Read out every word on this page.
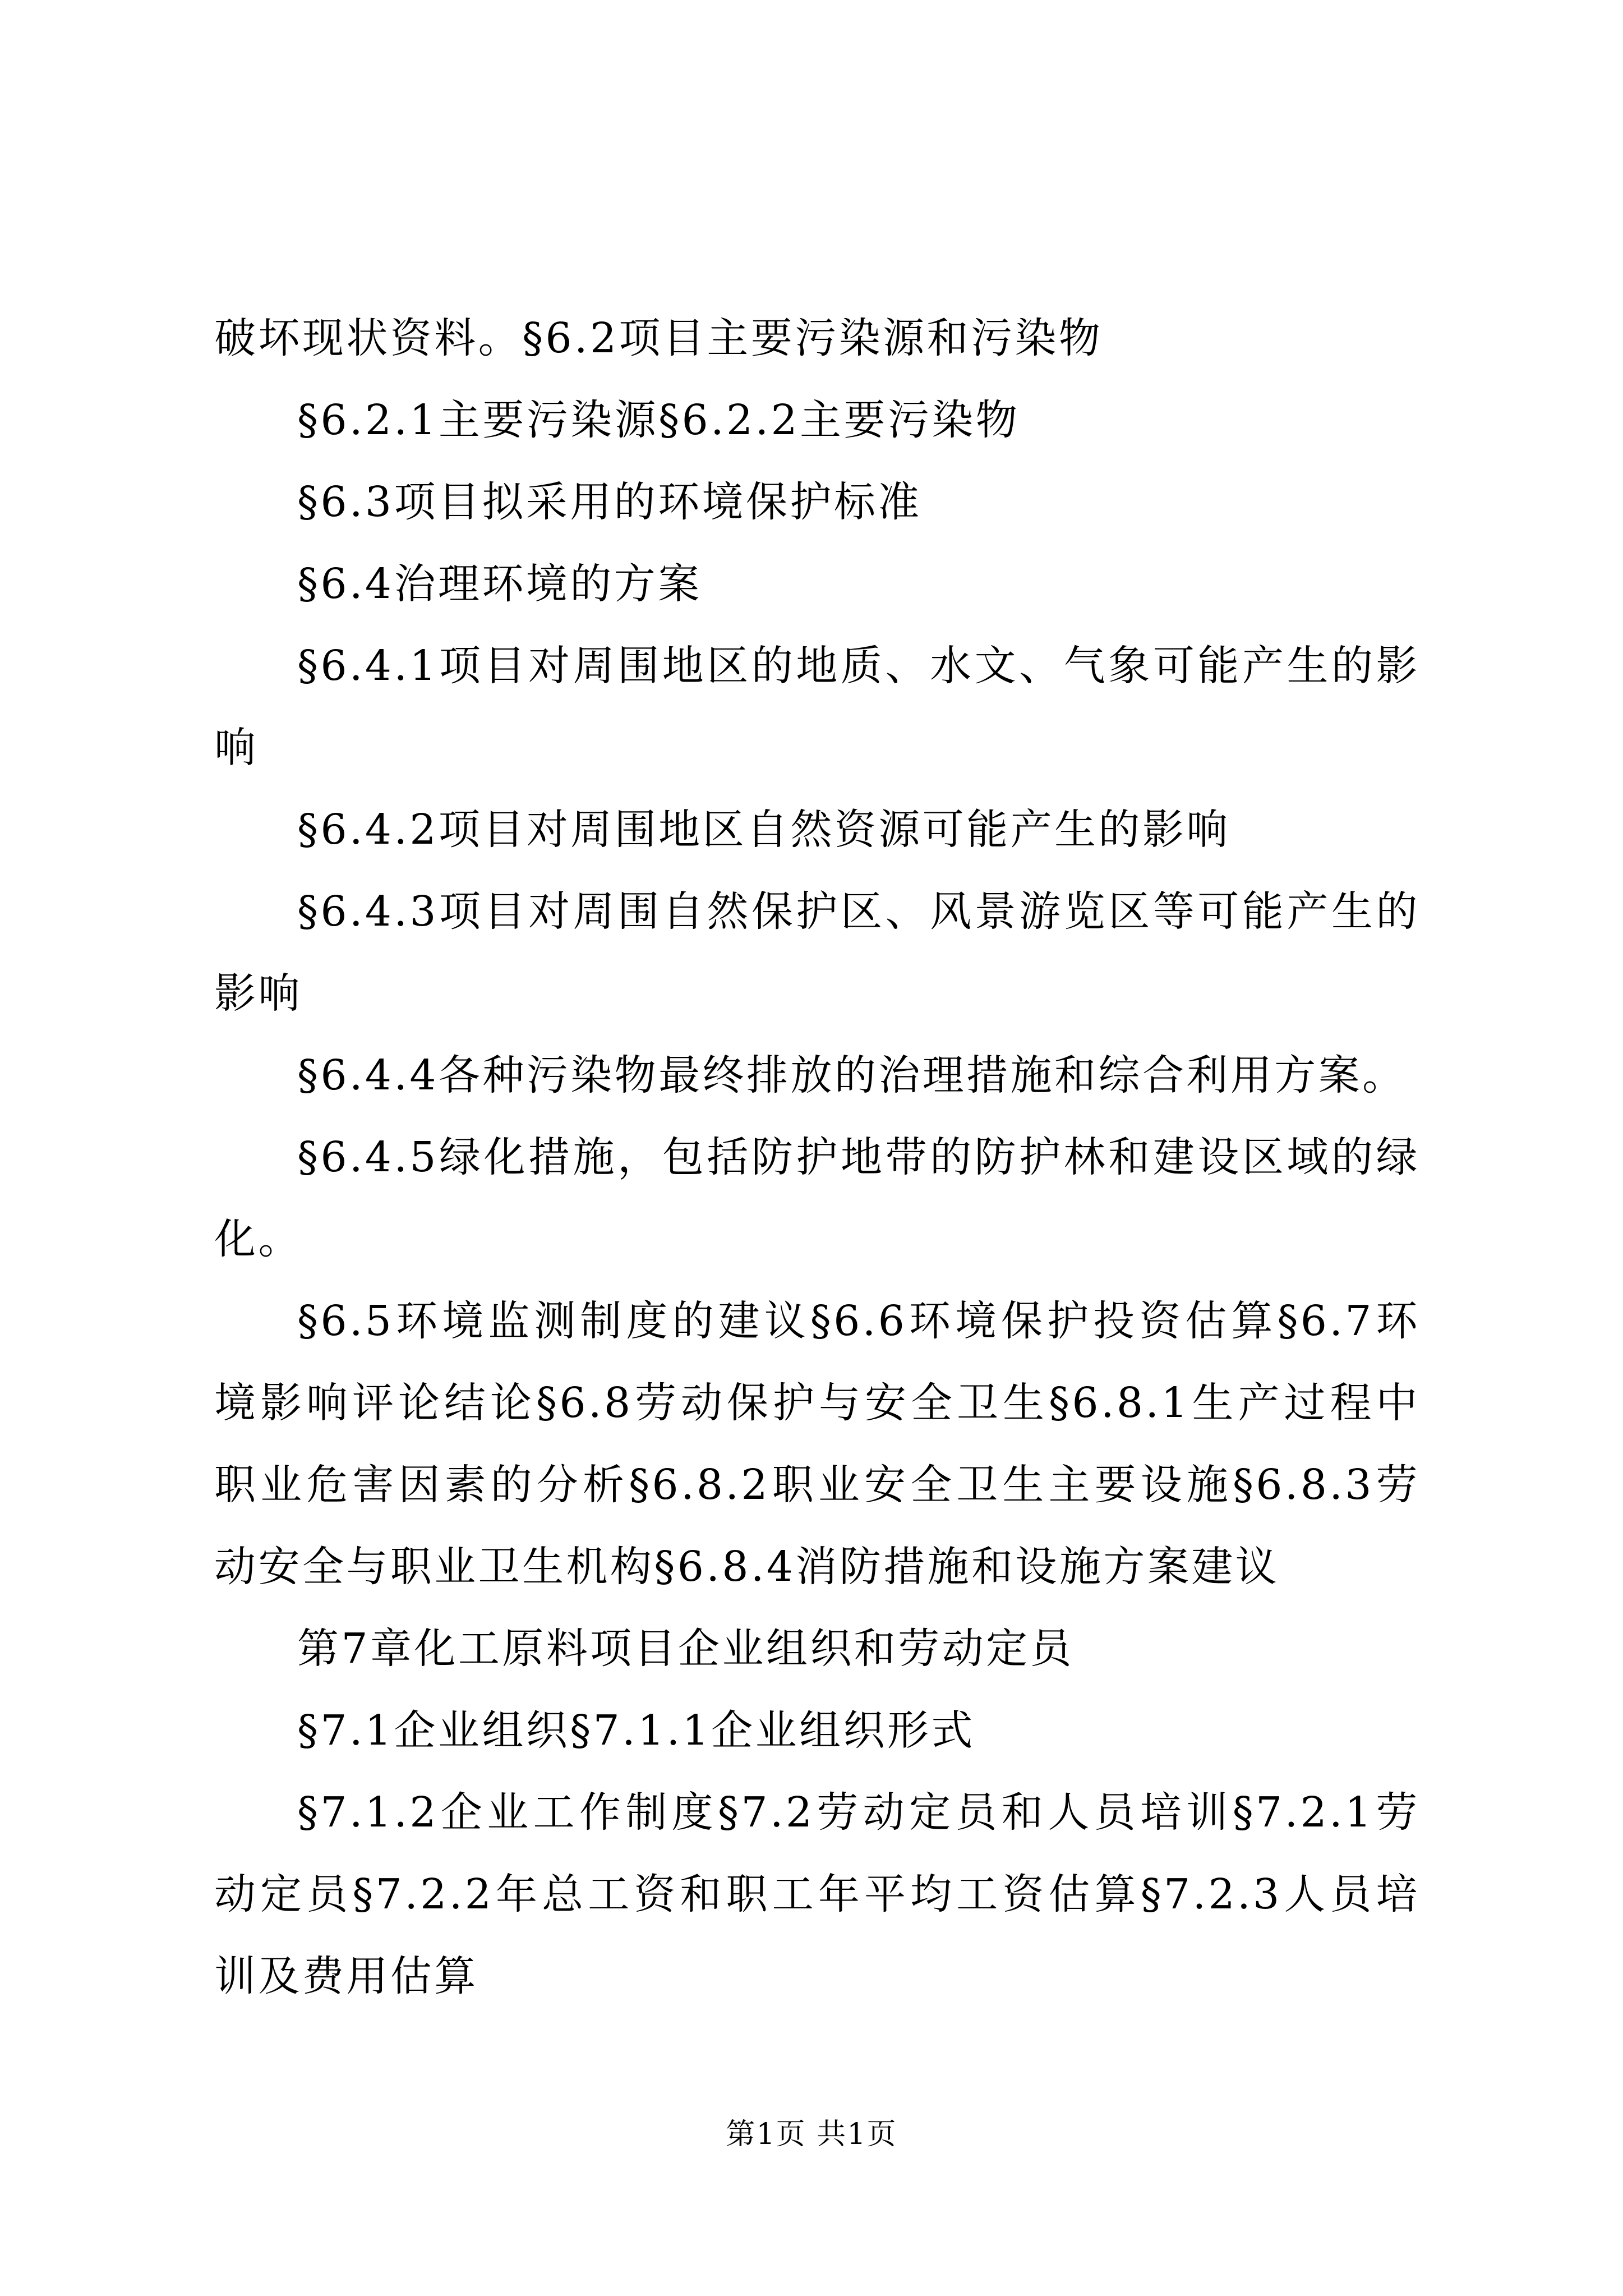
破坏现状资料。§6.2项目主要污染源和污染物

§6.2.1主要污染源§6.2.2主要污染物

§6.3项目拟采用的环境保护标准

§6.4治理环境的方案

§6.4.1项目对周围地区的地质、水文、气象可能产生的影响

§6.4.2项目对周围地区自然资源可能产生的影响

§6.4.3项目对周围自然保护区、风景游览区等可能产生的影响

§6.4.4各种污染物最终排放的治理措施和综合利用方案。

§6.4.5绿化措施，包括防护地带的防护林和建设区域的绿化。

§6.5环境监测制度的建议§6.6环境保护投资估算§6.7环境影响评论结论§6.8劳动保护与安全卫生§6.8.1生产过程中职业危害因素的分析§6.8.2职业安全卫生主要设施§6.8.3劳动安全与职业卫生机构§6.8.4消防措施和设施方案建议

第7章化工原料项目企业组织和劳动定员

§7.1企业组织§7.1.1企业组织形式

§7.1.2企业工作制度§7.2劳动定员和人员培训§7.2.1劳动定员§7.2.2年总工资和职工年平均工资估算§7.2.3人员培训及费用估算

第1页 共1页
